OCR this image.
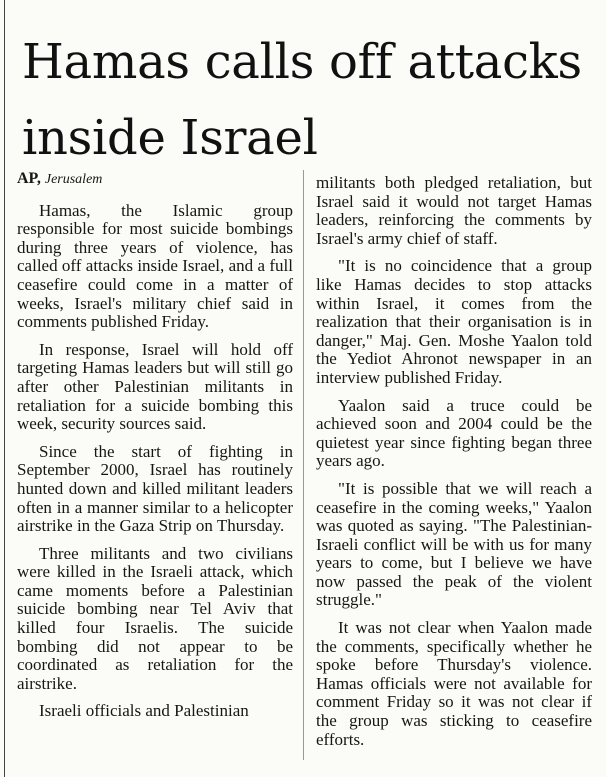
Hamas calls off attacks inside Israel

AP, Jerusalem

Hamas, the Islamic group responsible for most suicide bombings during three years of violence, has called off attacks inside Israel, and a full ceasefire could come in a matter of weeks, Israel's military chief said in comments published Friday.

In response, Israel will hold off targeting Hamas leaders but will still go after other Palestinian militants in retaliation for a suicide bombing this week, security sources said.

Since the start of fighting in September 2000, Israel has routinely hunted down and killed militant leaders often in a manner similar to a helicopter airstrike in the Gaza Strip on Thursday.

Three militants and two civilians were killed in the Israeli attack, which came moments before a Palestinian suicide bombing near Tel Aviv that killed four Israelis. The suicide bombing did not appear to be coordinated as retaliation for the airstrike.

Israeli officials and Palestinian

militants both pledged retaliation, but Israel said it would not target Hamas leaders, reinforcing the comments by Israel's army chief of staff.

"It is no coincidence that a group like Hamas decides to stop attacks within Israel, it comes from the realization that their organisation is in danger," Maj. Gen. Moshe Yaalon told the Yediot Ahronot newspaper in an interview published Friday.

Yaalon said a truce could be achieved soon and 2004 could be the quietest year since fighting began three years ago.

"It is possible that we will reach a ceasefire in the coming weeks," Yaalon was quoted as saying. "The Palestinian-Israeli conflict will be with us for many years to come, but I believe we have now passed the peak of the violent struggle."

It was not clear when Yaalon made the comments, specifically whether he spoke before Thursday's violence. Hamas officials were not available for comment Friday so it was not clear if the group was sticking to ceasefire efforts.
